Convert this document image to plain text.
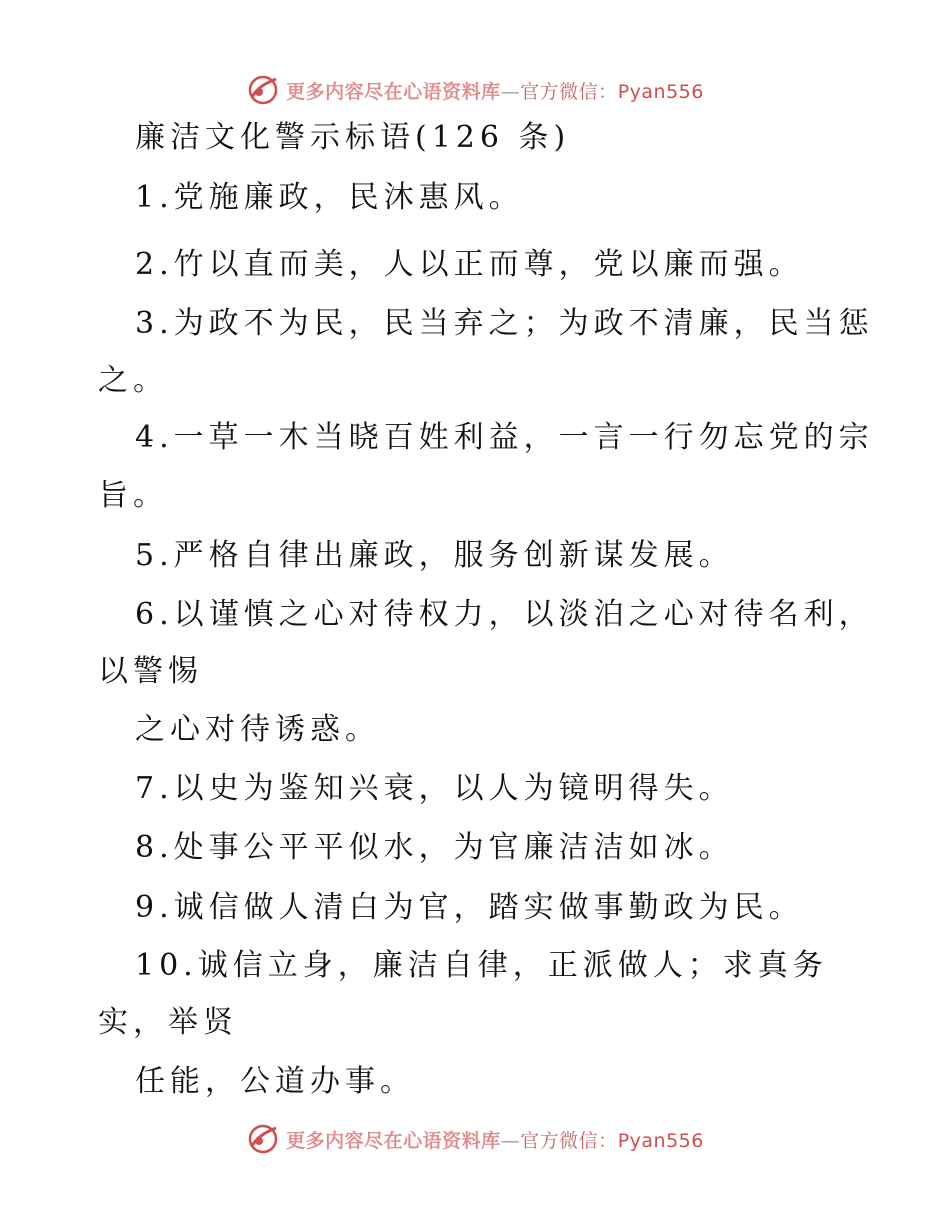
更多内容尽在心语资料库—官方微信：Pyan556
廉洁文化警示标语(126 条)
1.党施廉政，民沐惠风。
2.竹以直而美，人以正而尊，党以廉而强。
3.为政不为民，民当弃之；为政不清廉，民当惩
之。
4.一草一木当晓百姓利益，一言一行勿忘党的宗
旨。
5.严格自律出廉政，服务创新谋发展。
6.以谨慎之心对待权力，以淡泊之心对待名利，
以警惕
之心对待诱惑。
7.以史为鉴知兴衰，以人为镜明得失。
8.处事公平平似水，为官廉洁洁如冰。
9.诚信做人清白为官，踏实做事勤政为民。
10.诚信立身，廉洁自律，正派做人；求真务
实，举贤
任能，公道办事。
更多内容尽在心语资料库—官方微信：Pyan556
